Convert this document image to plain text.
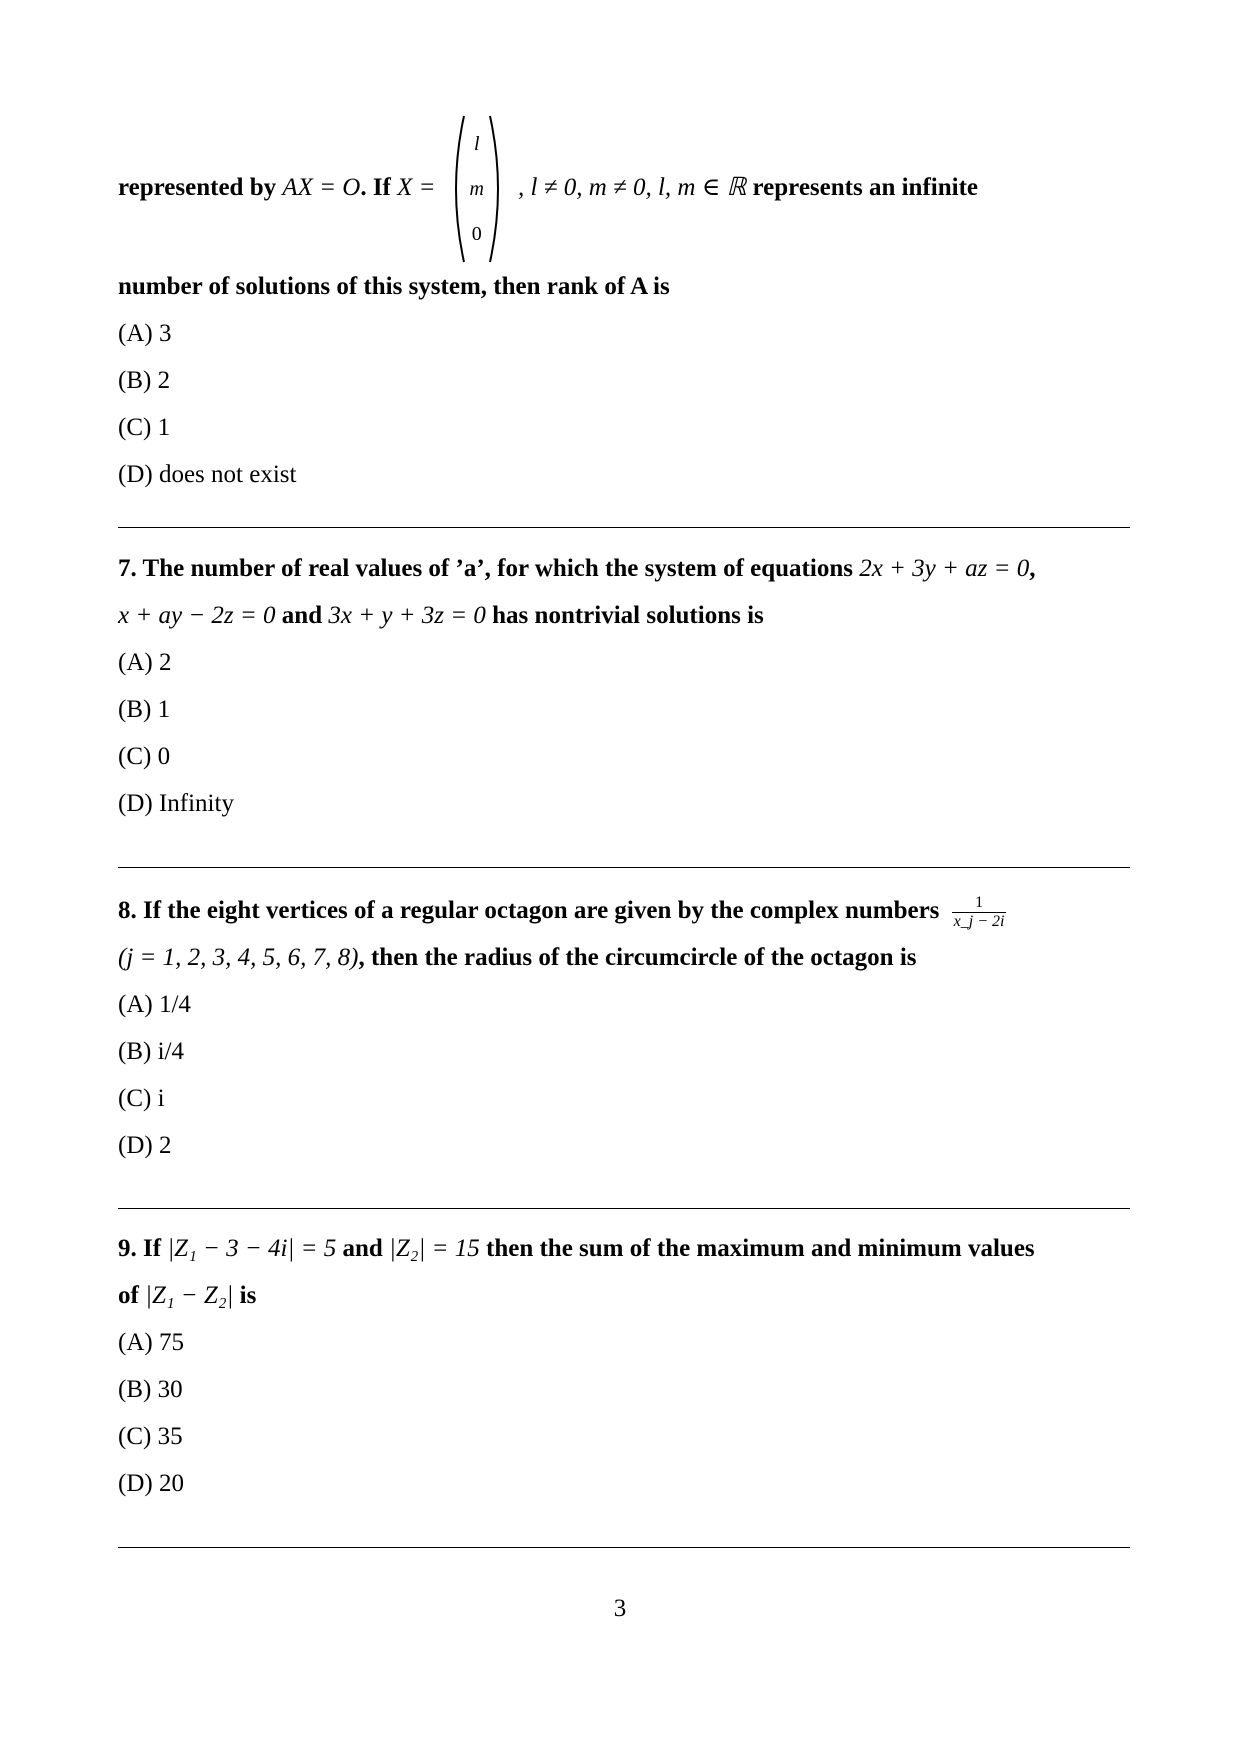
represented by AX = O. If X =
l
m
0
, l ≠ 0, m ≠ 0, l, m ∈ ℝ represents an infinite
number of solutions of this system, then rank of A is
(A) 3
(B) 2
(C) 1
(D) does not exist
7. The number of real values of ’a’, for which the system of equations 2x + 3y + az = 0,
x + ay − 2z = 0 and 3x + y + 3z = 0 has nontrivial solutions is
(A) 2
(B) 1
(C) 0
(D) Infinity
8. If the eight vertices of a regular octagon are given by the complex numbers $\frac{1}{x\_j - 2i}$
(j = 1, 2, 3, 4, 5, 6, 7, 8), then the radius of the circumcircle of the octagon is
(A) 1/4
(B) i/4
(C) i
(D) 2
9. If |Z₁ − 3 − 4i| = 5 and |Z₂| = 15 then the sum of the maximum and minimum values
of |Z₁ − Z₂| is
(A) 75
(B) 30
(C) 35
(D) 20
3
